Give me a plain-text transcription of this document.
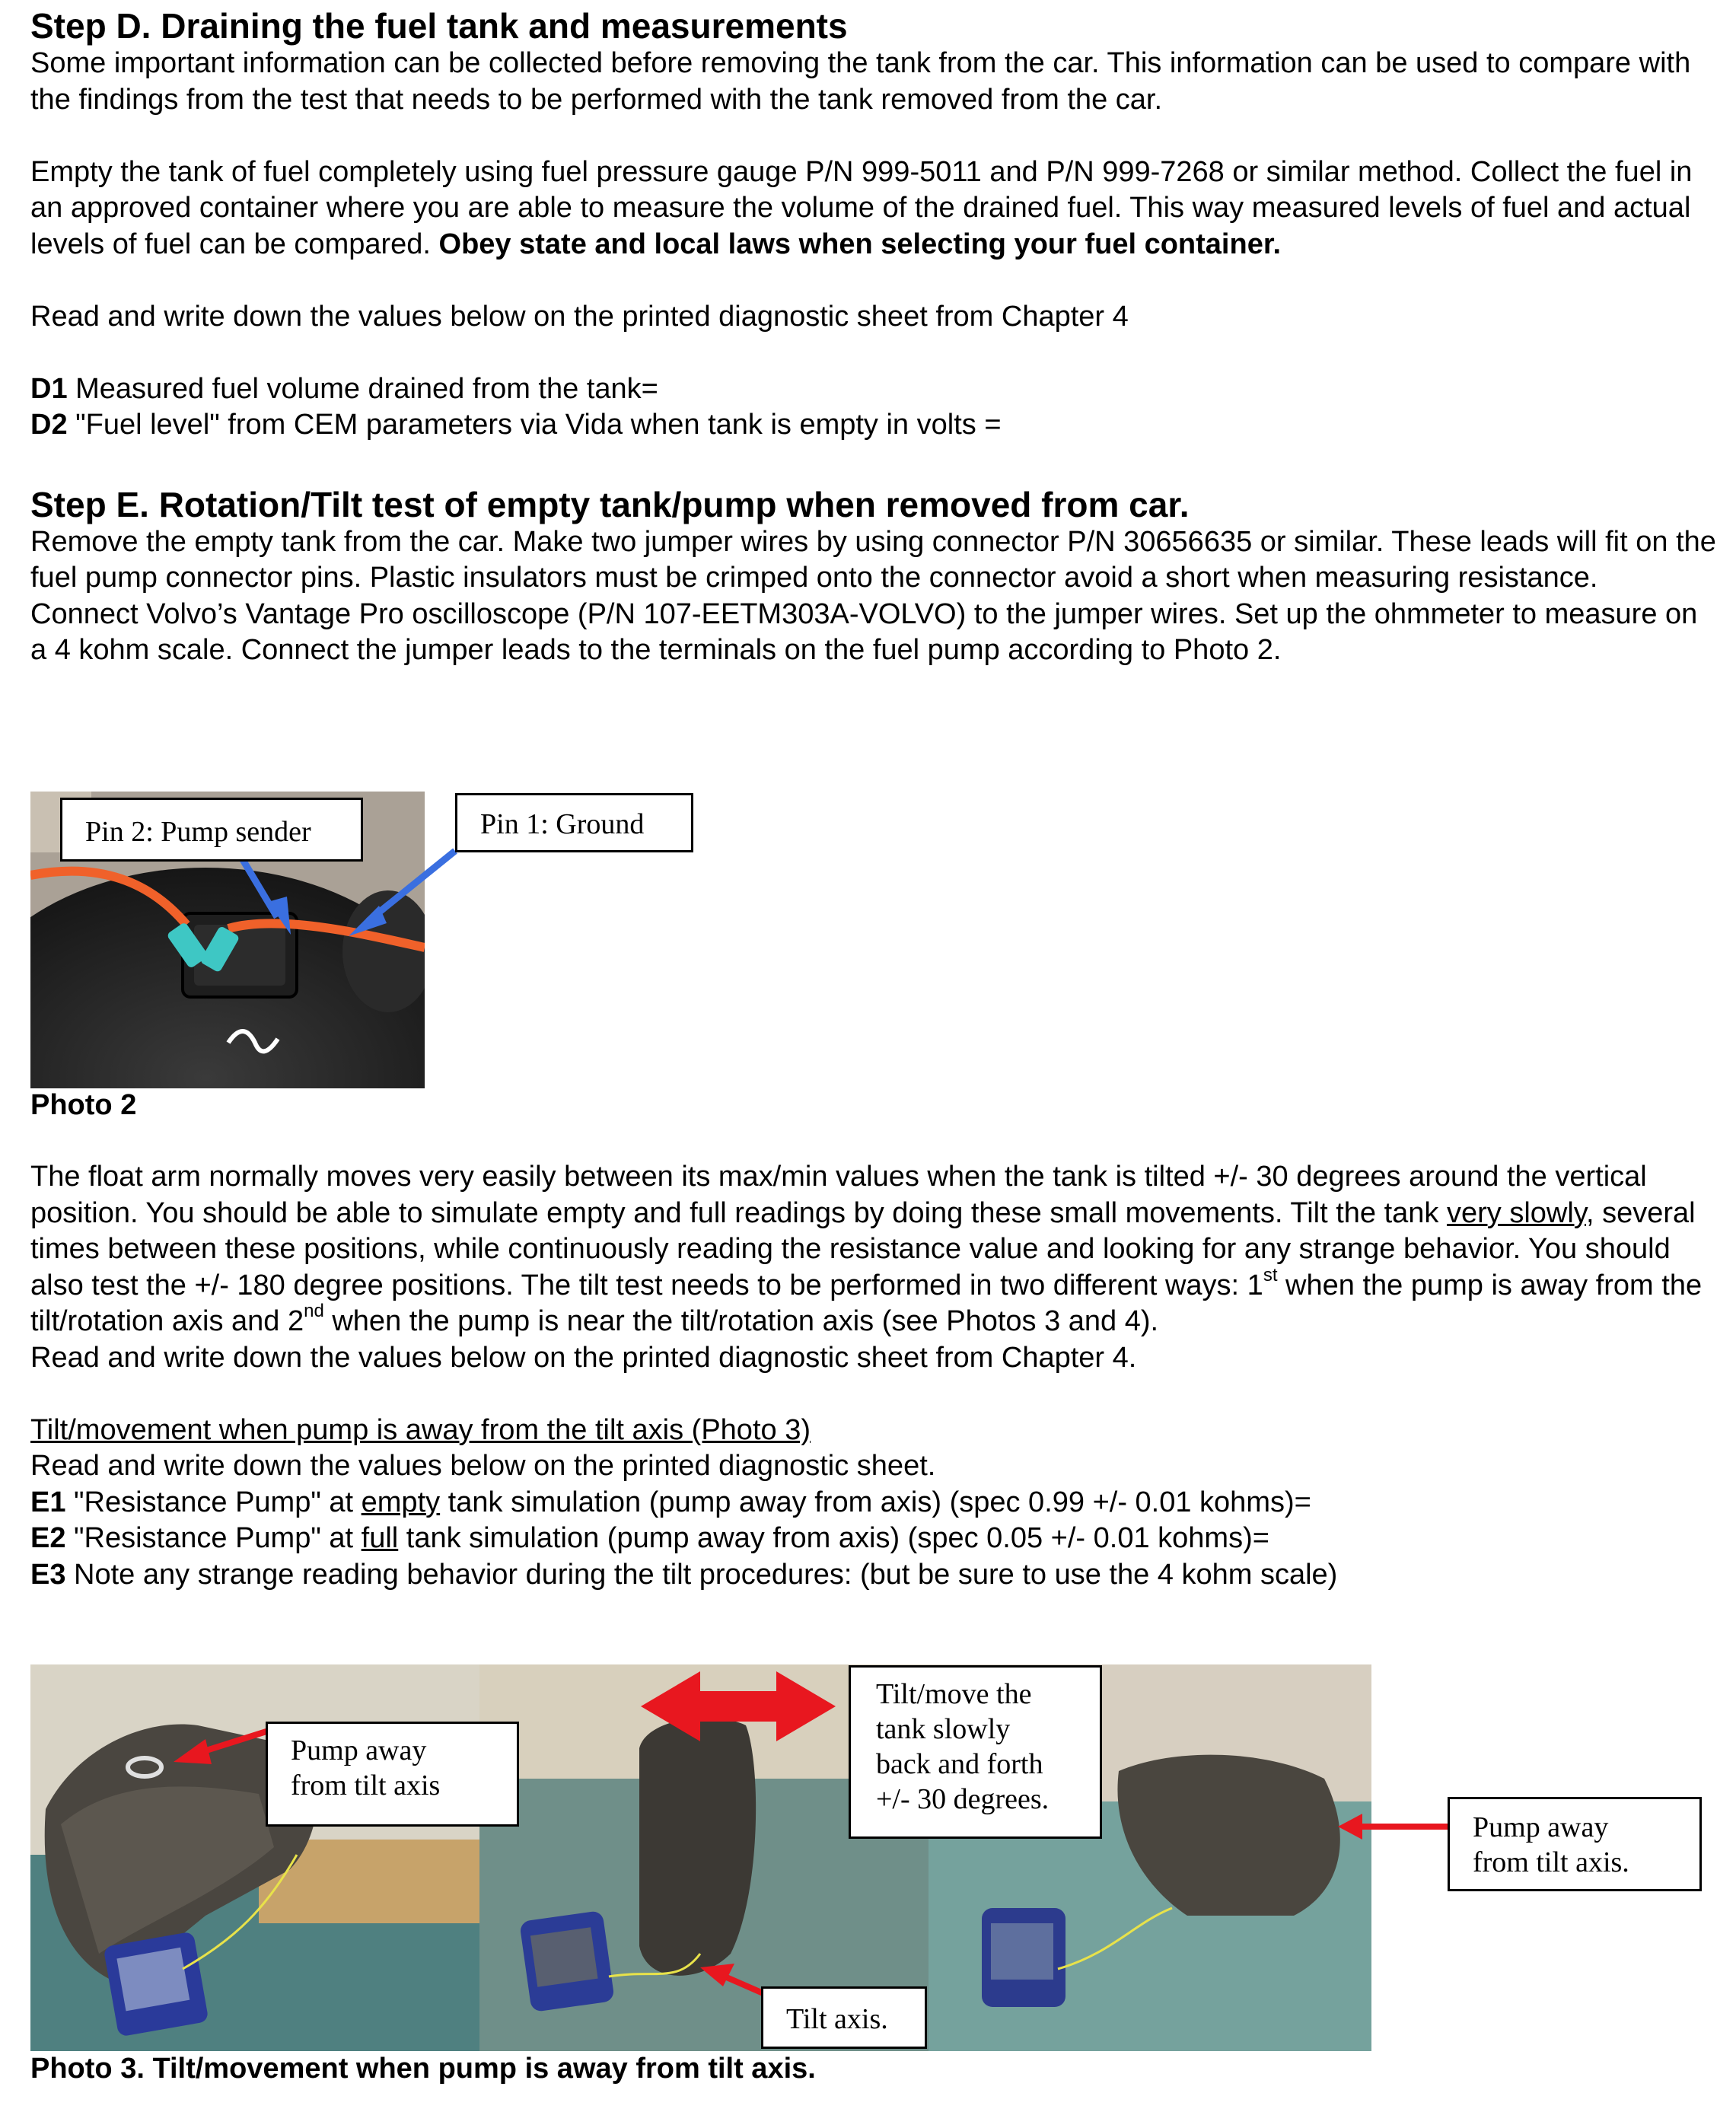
Step D. Draining the fuel tank and measurements

Some important information can be collected before removing the tank from the car. This information can be used to compare with the findings from the test that needs to be performed with the tank removed from the car.

Empty the tank of fuel completely using fuel pressure gauge P/N 999-5011 and P/N 999-7268 or similar method. Collect the fuel in an approved container where you are able to measure the volume of the drained fuel. This way measured levels of fuel and actual levels of fuel can be compared. Obey state and local laws when selecting your fuel container.

Read and write down the values below on the printed diagnostic sheet from Chapter 4

D1 Measured fuel volume drained from the tank=

D2 "Fuel level" from CEM parameters via Vida when tank is empty in volts =

Step E. Rotation/Tilt test of empty tank/pump when removed from car.

Remove the empty tank from the car. Make two jumper wires by using connector P/N 30656635 or similar. These leads will fit on the fuel pump connector pins. Plastic insulators must be crimped onto the connector avoid a short when measuring resistance.

Connect Volvo’s Vantage Pro oscilloscope (P/N 107-EETM303A-VOLVO) to the jumper wires. Set up the ohmmeter to measure on a 4 kohm scale. Connect the jumper leads to the terminals on the fuel pump according to Photo 2.

Pin 2: Pump sender	Pin 1: Ground
Photo 2

The float arm normally moves very easily between its max/min values when the tank is tilted +/- 30 degrees around the vertical position. You should be able to simulate empty and full readings by doing these small movements. Tilt the tank very slowly, several times between these positions, while continuously reading the resistance value and looking for any strange behavior. You should also test the +/- 180 degree positions. The tilt test needs to be performed in two different ways: 1st when the pump is away from the tilt/rotation axis and 2nd when the pump is near the tilt/rotation axis (see Photos 3 and 4).

Read and write down the values below on the printed diagnostic sheet from Chapter 4.

Tilt/movement when pump is away from the tilt axis (Photo 3)

Read and write down the values below on the printed diagnostic sheet.

E1 "Resistance Pump" at empty tank simulation (pump away from axis) (spec 0.99 +/- 0.01 kohms)=

E2 "Resistance Pump" at full tank simulation (pump away from axis) (spec 0.05 +/- 0.01 kohms)=

E3 Note any strange reading behavior during the tilt procedures: (but be sure to use the 4 kohm scale)

Pump away
from tilt axis
Tilt/move the
tank slowly
back and forth
+/- 30 degrees.
Tilt axis.
Pump away
from tilt axis.
Photo 3. Tilt/movement when pump is away from tilt axis.
